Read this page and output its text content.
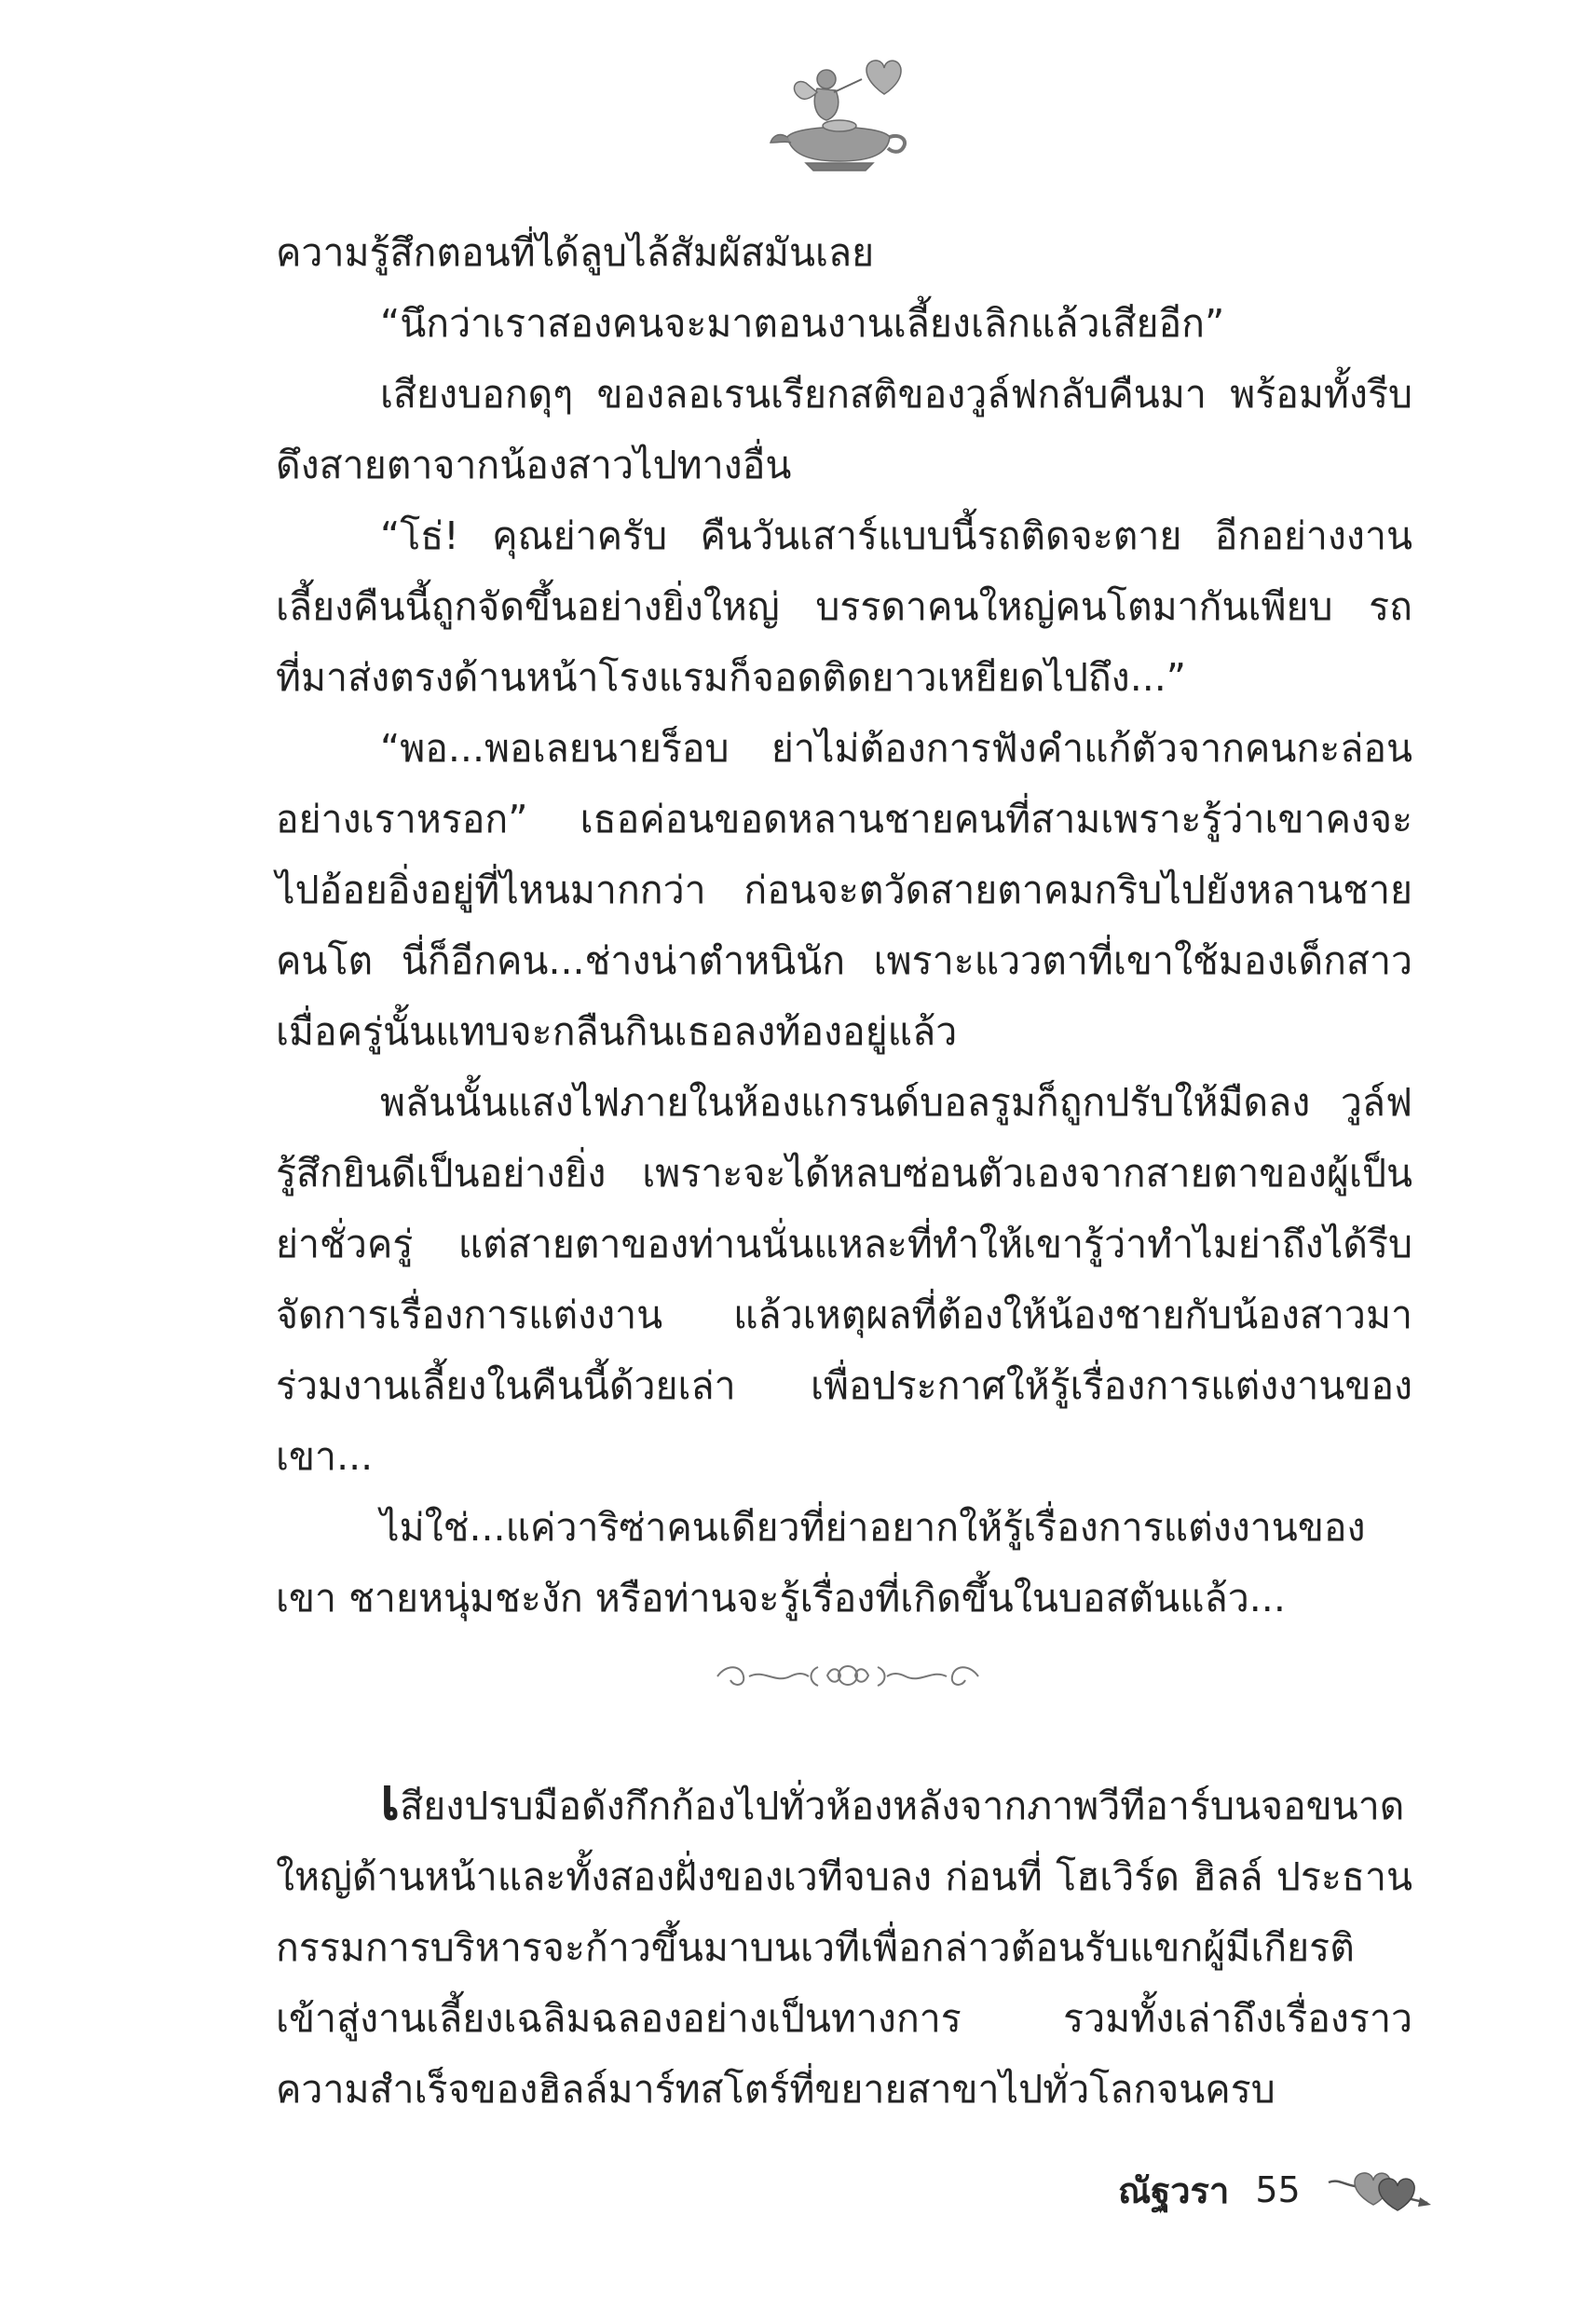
ความรู้สึกตอนที่ได้ลูบไล้สัมผัสมันเลย

“นึกว่าเราสองคนจะมาตอนงานเลี้ยงเลิกแล้วเสียอีก”

เสียงบอกดุๆ ของลอเรนเรียกสติของวูล์ฟกลับคืนมา พร้อมทั้งรีบดึงสายตาจากน้องสาวไปทางอื่น

“โธ่! คุณย่าครับ คืนวันเสาร์แบบนี้รถติดจะตาย อีกอย่างงานเลี้ยงคืนนี้ถูกจัดขึ้นอย่างยิ่งใหญ่ บรรดาคนใหญ่คนโตมากันเพียบ รถที่มาส่งตรงด้านหน้าโรงแรมก็จอดติดยาวเหยียดไปถึง...”

“พอ...พอเลยนายร็อบ ย่าไม่ต้องการฟังคำแก้ตัวจากคนกะล่อนอย่างเราหรอก” เธอค่อนขอดหลานชายคนที่สามเพราะรู้ว่าเขาคงจะไปอ้อยอิ่งอยู่ที่ไหนมากกว่า ก่อนจะตวัดสายตาคมกริบไปยังหลานชายคนโต นี่ก็อีกคน...ช่างน่าตำหนินัก เพราะแววตาที่เขาใช้มองเด็กสาวเมื่อครู่นั้นแทบจะกลืนกินเธอลงท้องอยู่แล้ว

พลันนั้นแสงไฟภายในห้องแกรนด์บอลรูมก็ถูกปรับให้มืดลง วูล์ฟรู้สึกยินดีเป็นอย่างยิ่ง เพราะจะได้หลบซ่อนตัวเองจากสายตาของผู้เป็นย่าชั่วครู่ แต่สายตาของท่านนั่นแหละที่ทำให้เขารู้ว่าทำไมย่าถึงได้รีบจัดการเรื่องการแต่งงาน แล้วเหตุผลที่ต้องให้น้องชายกับน้องสาวมาร่วมงานเลี้ยงในคืนนี้ด้วยเล่า เพื่อประกาศให้รู้เรื่องการแต่งงานของเขา...

ไม่ใช่...แค่วาริซ่าคนเดียวที่ย่าอยากให้รู้เรื่องการแต่งงานของเขา ชายหนุ่มชะงัก หรือท่านจะรู้เรื่องที่เกิดขึ้นในบอสตันแล้ว...

เสียงปรบมือดังกึกก้องไปทั่วห้องหลังจากภาพวีทีอาร์บนจอขนาดใหญ่ด้านหน้าและทั้งสองฝั่งของเวทีจบลง ก่อนที่ โฮเวิร์ด ฮิลล์ ประธานกรรมการบริหารจะก้าวขึ้นมาบนเวทีเพื่อกล่าวต้อนรับแขกผู้มีเกียรติเข้าสู่งานเลี้ยงเฉลิมฉลองอย่างเป็นทางการ รวมทั้งเล่าถึงเรื่องราวความสำเร็จของฮิลล์มาร์ทสโตร์ที่ขยายสาขาไปทั่วโลกจนครบ

ณัฐวรา 55
